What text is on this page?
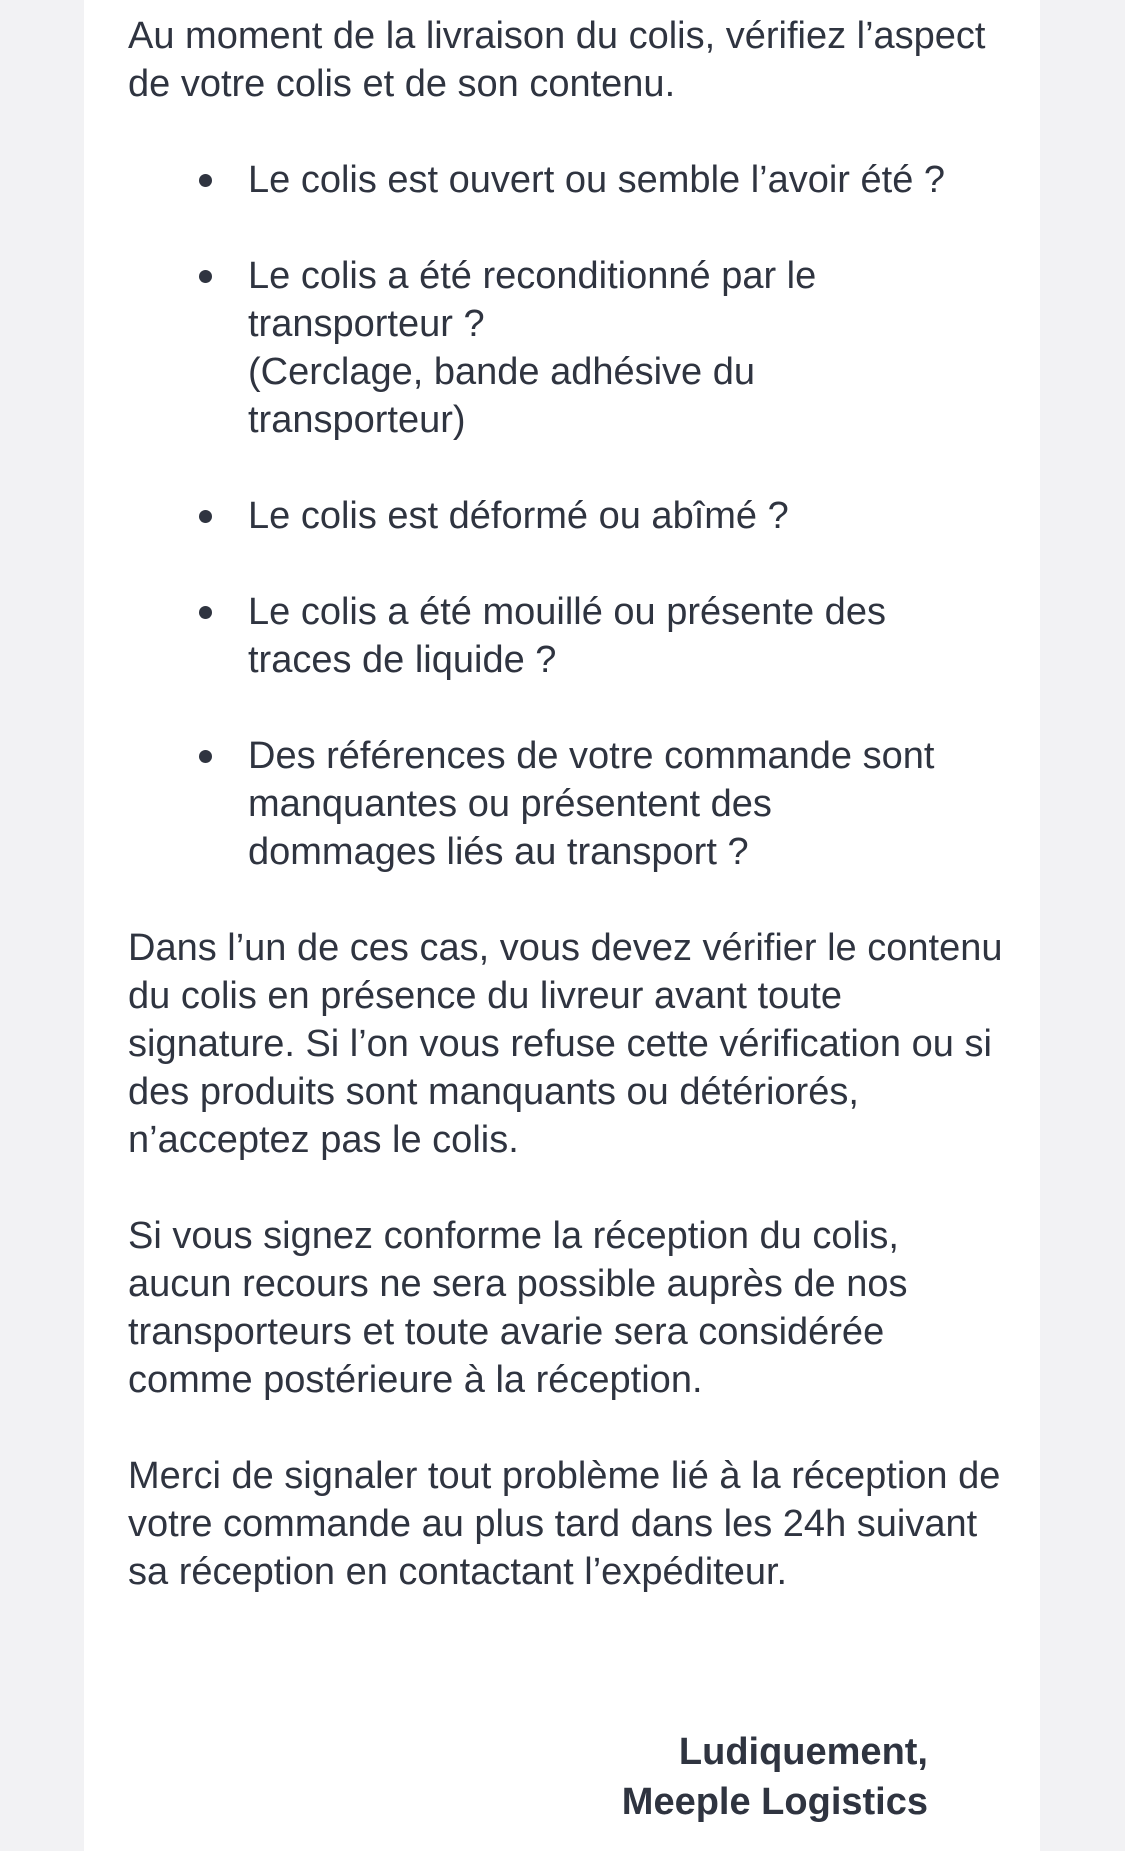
Au moment de la livraison du colis, vérifiez l’aspect de votre colis et de son contenu.

Le colis est ouvert ou semble l’avoir été ?
Le colis a été reconditionné par le transporteur ?
(Cerclage, bande adhésive du transporteur)
Le colis est déformé ou abîmé ?
Le colis a été mouillé ou présente des traces de liquide ?
Des références de votre commande sont manquantes ou présentent des dommages liés au transport ?

Dans l’un de ces cas, vous devez vérifier le contenu du colis en présence du livreur avant toute signature. Si l’on vous refuse cette vérification ou si des produits sont manquants ou détériorés, n’acceptez pas le colis.

Si vous signez conforme la réception du colis, aucun recours ne sera possible auprès de nos transporteurs et toute avarie sera considérée comme postérieure à la réception.

Merci de signaler tout problème lié à la réception de votre commande au plus tard dans les 24h suivant sa réception en contactant l’expéditeur.

Ludiquement,
Meeple Logistics
